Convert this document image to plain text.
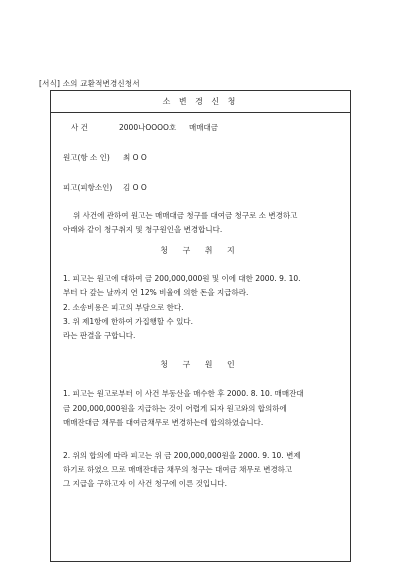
[서식] 소의 교환적변경신청서
소 변 경 신 청
사 건	2000나OOOO호 매매대금
원고(항 소 인) 최 O O
피고(피항소인) 김 O O
위 사건에 관하여 원고는 매매대금 청구를 대여금 청구로 소 변경하고
아래와 같이 청구취지 및 청구원인을 변경합니다.
청 구 취 지
1. 피고는 원고에 대하여 금 200,000,000원 및 이에 대한 2000. 9. 10.
부터 다 갚는 날까지 연 12% 비율에 의한 돈을 지급하라.
2. 소송비용은 피고의 부담으로 한다.
3. 위 제1항에 한하여 가집행할 수 있다.
라는 판결을 구합니다.
청 구 원 인
1. 피고는 원고로부터 이 사건 부동산을 매수한 후 2000. 8. 10. 매매잔대
금 200,000,000원을 지급하는 것이 어렵게 되자 원고와의 합의하에
매매잔대금 채무를 대여금채무로 변경하는데 합의하였습니다.
2. 위의 합의에 따라 피고는 위 금 200,000,000원을 2000. 9. 10. 변제
하기로 하였으 므로 매매잔대금 채무의 청구는 대여금 채무로 변경하고
그 지급을 구하고자 이 사건 청구에 이른 것입니다.
